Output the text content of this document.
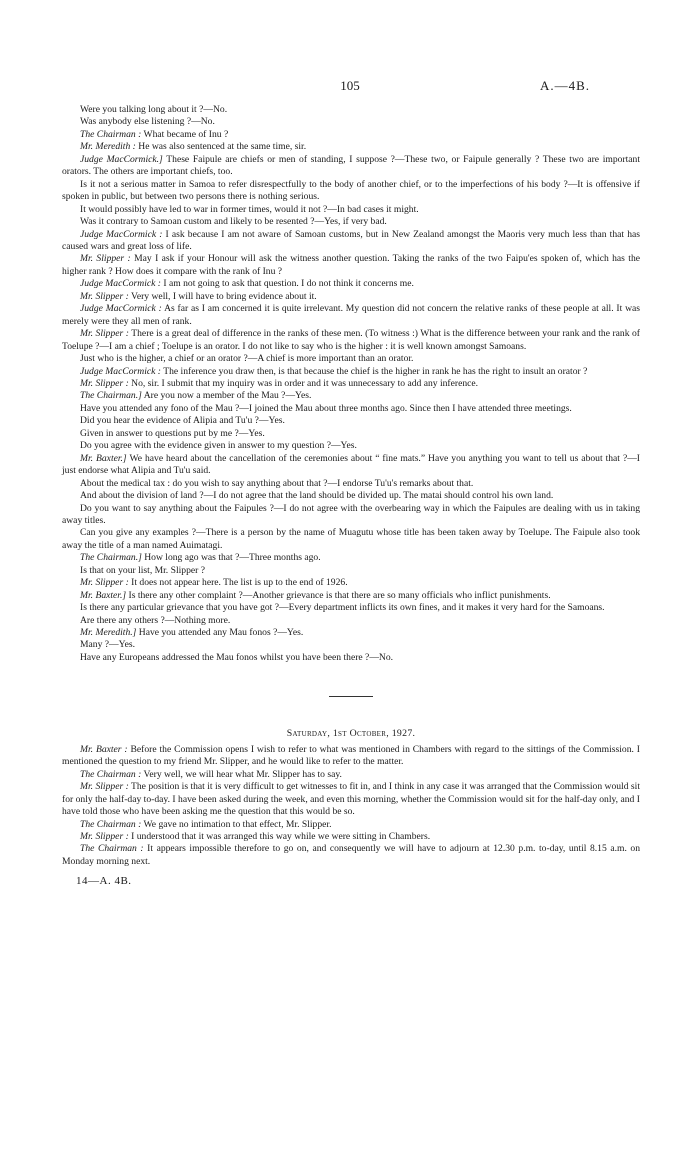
105	A.—4B.

Were you talking long about it ?—No.

Was anybody else listening ?—No.

The Chairman : What became of Inu ?

Mr. Meredith : He was also sentenced at the same time, sir.

Judge MacCormick.] These Faipule are chiefs or men of standing, I suppose ?—These two, or Faipule generally ? These two are important orators. The others are important chiefs, too.

Is it not a serious matter in Samoa to refer disrespectfully to the body of another chief, or to the imperfections of his body ?—It is offensive if spoken in public, but between two persons there is nothing serious.

It would possibly have led to war in former times, would it not ?—In bad cases it might.

Was it contrary to Samoan custom and likely to be resented ?—Yes, if very bad.

Judge MacCormick : I ask because I am not aware of Samoan customs, but in New Zealand amongst the Maoris very much less than that has caused wars and great loss of life.

Mr. Slipper : May I ask if your Honour will ask the witness another question. Taking the ranks of the two Faipu'es spoken of, which has the higher rank ? How does it compare with the rank of Inu ?

Judge MacCormick : I am not going to ask that question. I do not think it concerns me.

Mr. Slipper : Very well, I will have to bring evidence about it.

Judge MacCormick : As far as I am concerned it is quite irrelevant. My question did not concern the relative ranks of these people at all. It was merely were they all men of rank.

Mr. Slipper : There is a great deal of difference in the ranks of these men. (To witness :) What is the difference between your rank and the rank of Toelupe ?—I am a chief ; Toelupe is an orator. I do not like to say who is the higher : it is well known amongst Samoans.

Just who is the higher, a chief or an orator ?—A chief is more important than an orator.

Judge MacCormick : The inference you draw then, is that because the chief is the higher in rank he has the right to insult an orator ?

Mr. Slipper : No, sir. I submit that my inquiry was in order and it was unnecessary to add any inference.

The Chairman.] Are you now a member of the Mau ?—Yes.

Have you attended any fono of the Mau ?—I joined the Mau about three months ago. Since then I have attended three meetings.

Did you hear the evidence of Alipia and Tu'u ?—Yes.

Given in answer to questions put by me ?—Yes.

Do you agree with the evidence given in answer to my question ?—Yes.

Mr. Baxter.] We have heard about the cancellation of the ceremonies about “ fine mats.” Have you anything you want to tell us about that ?—I just endorse what Alipia and Tu'u said.

About the medical tax : do you wish to say anything about that ?—I endorse Tu'u's remarks about that.

And about the division of land ?—I do not agree that the land should be divided up. The matai should control his own land.

Do you want to say anything about the Faipules ?—I do not agree with the overbearing way in which the Faipules are dealing with us in taking away titles.

Can you give any examples ?—There is a person by the name of Muagutu whose title has been taken away by Toelupe. The Faipule also took away the title of a man named Auimatagi.

The Chairman.] How long ago was that ?—Three months ago.

Is that on your list, Mr. Slipper ?

Mr. Slipper : It does not appear here. The list is up to the end of 1926.

Mr. Baxter.] Is there any other complaint ?—Another grievance is that there are so many officials who inflict punishments.

Is there any particular grievance that you have got ?—Every department inflicts its own fines, and it makes it very hard for the Samoans.

Are there any others ?—Nothing more.

Mr. Meredith.] Have you attended any Mau fonos ?—Yes.

Many ?—Yes.

Have any Europeans addressed the Mau fonos whilst you have been there ?—No.

Saturday, 1st October, 1927.

Mr. Baxter : Before the Commission opens I wish to refer to what was mentioned in Chambers with regard to the sittings of the Commission. I mentioned the question to my friend Mr. Slipper, and he would like to refer to the matter.

The Chairman : Very well, we will hear what Mr. Slipper has to say.

Mr. Slipper : The position is that it is very difficult to get witnesses to fit in, and I think in any case it was arranged that the Commission would sit for only the half-day to-day. I have been asked during the week, and even this morning, whether the Commission would sit for the half-day only, and I have told those who have been asking me the question that this would be so.

The Chairman : We gave no intimation to that effect, Mr. Slipper.

Mr. Slipper : I understood that it was arranged this way while we were sitting in Chambers.

The Chairman : It appears impossible therefore to go on, and consequently we will have to adjourn at 12.30 p.m. to-day, until 8.15 a.m. on Monday morning next.

14—A. 4B.
